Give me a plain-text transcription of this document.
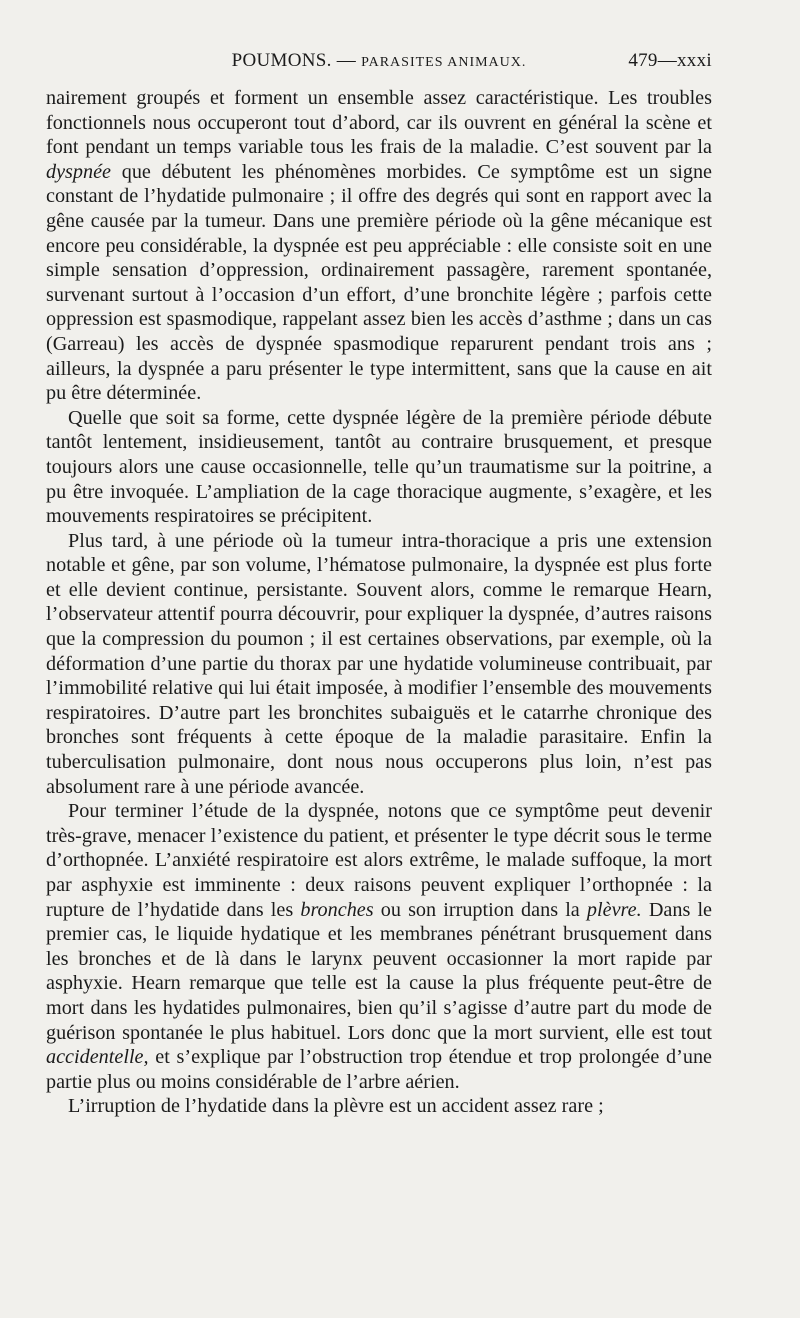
POUMONS. — PARASITES ANIMAUX.	479—xxxi

nairement groupés et forment un ensemble assez caractéristique. Les troubles fonctionnels nous occuperont tout d’abord, car ils ouvrent en général la scène et font pendant un temps variable tous les frais de la maladie. C’est souvent par la dyspnée que débutent les phénomènes morbides. Ce symptôme est un signe constant de l’hydatide pulmonaire ; il offre des degrés qui sont en rapport avec la gêne causée par la tumeur. Dans une première période où la gêne mécanique est encore peu considérable, la dyspnée est peu appréciable : elle consiste soit en une simple sensation d’oppression, ordinairement passagère, rarement spontanée, survenant surtout à l’occasion d’un effort, d’une bronchite légère ; parfois cette oppression est spasmodique, rappelant assez bien les accès d’asthme ; dans un cas (Garreau) les accès de dyspnée spasmodique reparurent pendant trois ans ; ailleurs, la dyspnée a paru présenter le type intermittent, sans que la cause en ait pu être déterminée.

Quelle que soit sa forme, cette dyspnée légère de la première période débute tantôt lentement, insidieusement, tantôt au contraire brusquement, et presque toujours alors une cause occasionnelle, telle qu’un traumatisme sur la poitrine, a pu être invoquée. L’ampliation de la cage thoracique augmente, s’exagère, et les mouvements respiratoires se précipitent.

Plus tard, à une période où la tumeur intra-thoracique a pris une extension notable et gêne, par son volume, l’hématose pulmonaire, la dyspnée est plus forte et elle devient continue, persistante. Souvent alors, comme le remarque Hearn, l’observateur attentif pourra découvrir, pour expliquer la dyspnée, d’autres raisons que la compression du poumon ; il est certaines observations, par exemple, où la déformation d’une partie du thorax par une hydatide volumineuse contribuait, par l’immobilité relative qui lui était imposée, à modifier l’ensemble des mouvements respiratoires. D’autre part les bronchites subaiguës et le catarrhe chronique des bronches sont fréquents à cette époque de la maladie parasitaire. Enfin la tuberculisation pulmonaire, dont nous nous occuperons plus loin, n’est pas absolument rare à une période avancée.

Pour terminer l’étude de la dyspnée, notons que ce symptôme peut devenir très-grave, menacer l’existence du patient, et présenter le type décrit sous le terme d’orthopnée. L’anxiété respiratoire est alors extrême, le malade suffoque, la mort par asphyxie est imminente : deux raisons peuvent expliquer l’orthopnée : la rupture de l’hydatide dans les bronches ou son irruption dans la plèvre. Dans le premier cas, le liquide hydatique et les membranes pénétrant brusquement dans les bronches et de là dans le larynx peuvent occasionner la mort rapide par asphyxie. Hearn remarque que telle est la cause la plus fréquente peut-être de mort dans les hydatides pulmonaires, bien qu’il s’agisse d’autre part du mode de guérison spontanée le plus habituel. Lors donc que la mort survient, elle est tout accidentelle, et s’explique par l’obstruction trop étendue et trop prolongée d’une partie plus ou moins considérable de l’arbre aérien.

L’irruption de l’hydatide dans la plèvre est un accident assez rare ;
